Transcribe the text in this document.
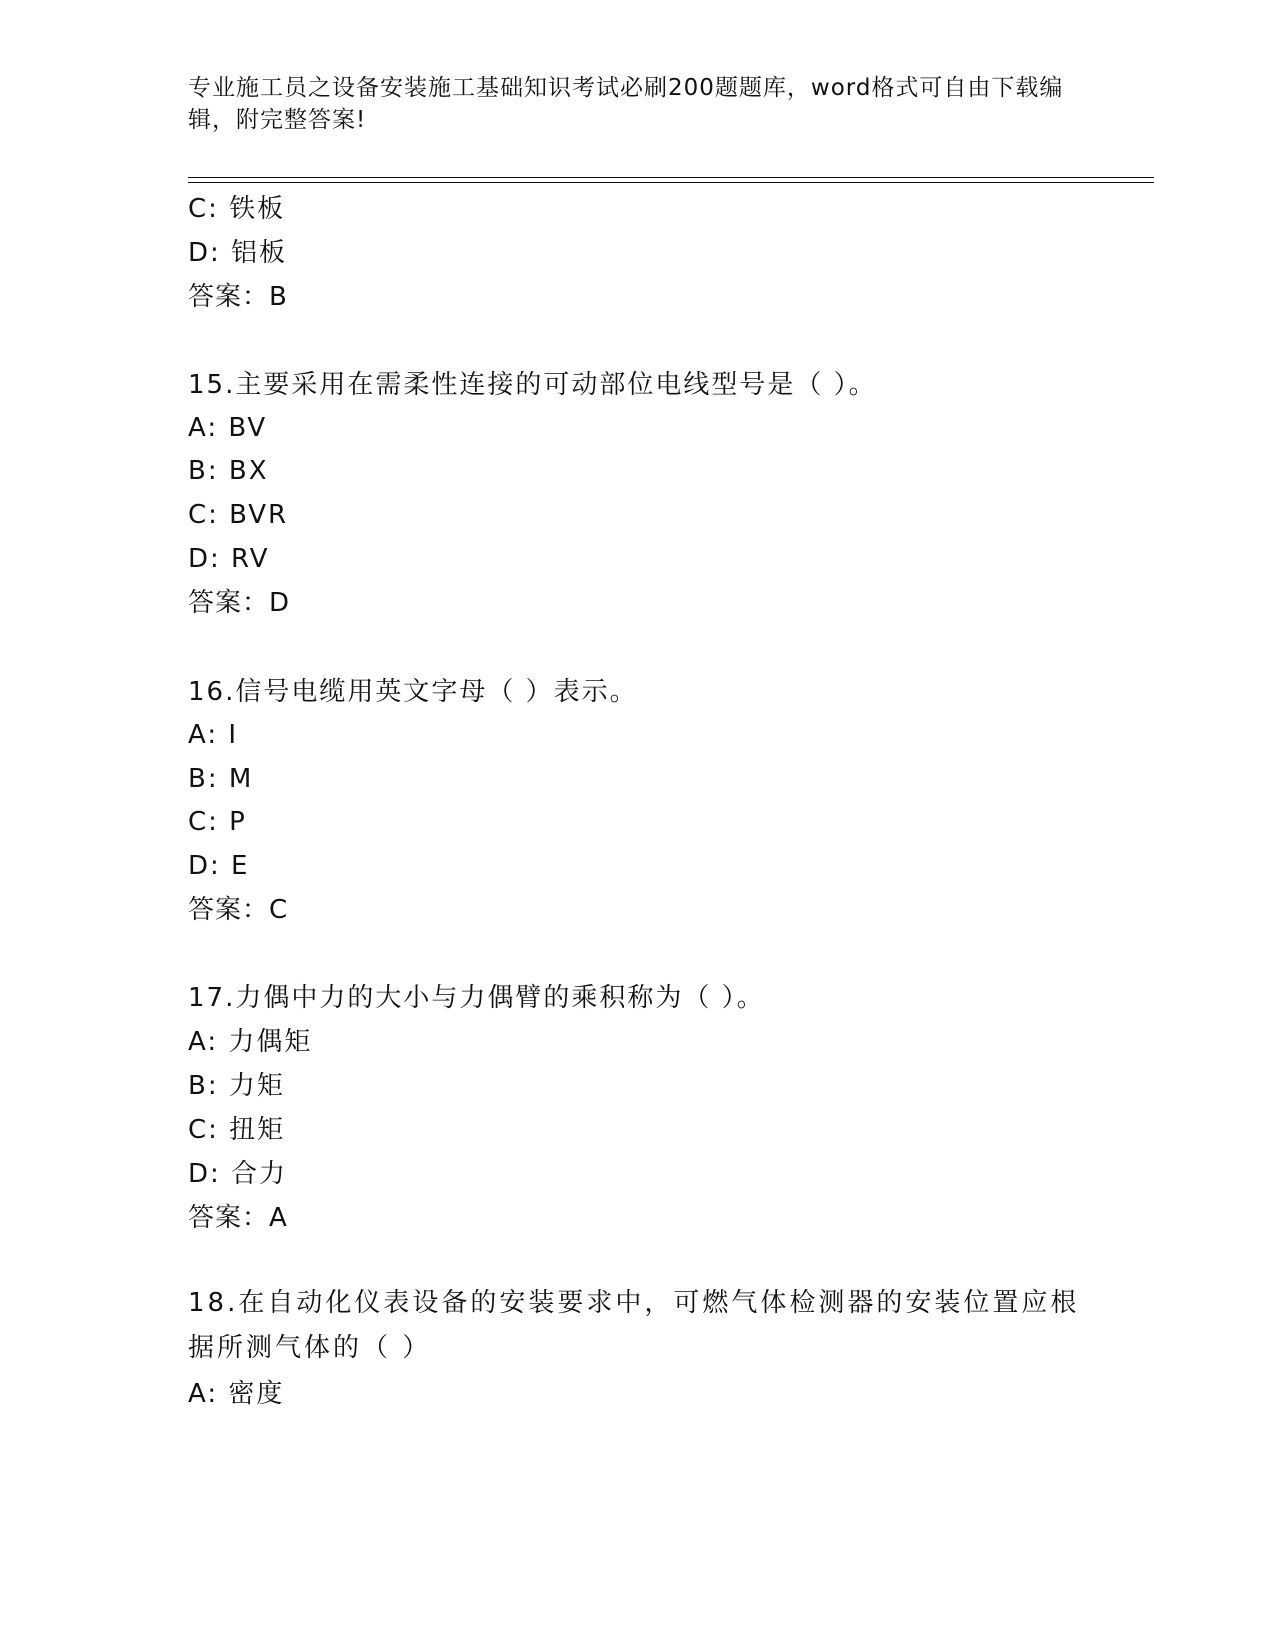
专业施工员之设备安装施工基础知识考试必刷200题题库，word格式可自由下载编辑，附完整答案!
C: 铁板
D: 铝板
答案：B
15.主要采用在需柔性连接的可动部位电线型号是（ ）。
A: BV
B: BX
C: BVR
D: RV
答案：D
16.信号电缆用英文字母（ ）表示。
A: I
B: M
C: P
D: E
答案：C
17.力偶中力的大小与力偶臂的乘积称为（ ）。
A: 力偶矩
B: 力矩
C: 扭矩
D: 合力
答案：A
18.在自动化仪表设备的安装要求中，可燃气体检测器的安装位置应根据所测气体的（ ）
A: 密度
